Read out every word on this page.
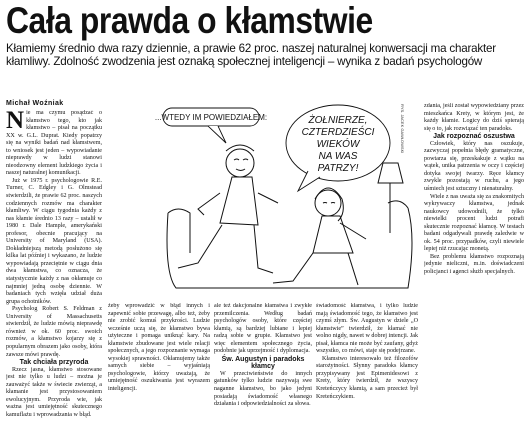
Cała prawda o kłamstwie
Kłamiemy średnio dwa razy dziennie, a prawie 62 proc. naszej naturalnej konwersacji ma charakter kłamliwy. Zdolność zwodzenia jest oznaką społecznej inteligencji – wynika z badań psychologów
Michał Woźniak

Nie ma czymu posądzać o kłamstwo tego, kto jak kłamstwo – pisał na początku XX w. G.L. Duprat. Kiedy popatrzy się na wyniki badań nad kłamstwem, to wniosek jest jeden – wypowiadanie nieprawdy w ludzi stanowi nieodzowny element ludzkiego życia i naszej naturalnej komunikacji.

Już w 1975 r. psychologowie R.E. Turner, C. Edgley i G. Olmstead stwierdzili, że prawie 62 proc. naszych codziennych rozmów ma charakter kłamliwy. W ciągu tygodnia każdy z nas kłamie średnio 13 razy – ustalił w 1980 r. Dale Hample, amerykański profesor, obecnie pracujący na University of Maryland (USA). Dokładniejszą metodą posłużono się kilka lat później i wykazano, że ludzie wypowiadają przeciętnie w ciągu dnia dwa kłamstwa, co oznacza, że statystycznie każdy z nas okłamuje co najmniej jedną osobę dziennie. W badaniach tych wzięła udział duża grupa ochotników.

Psycholog Robert S. Feldman z University of Massachusetts stwierdził, że ludzie mówią nieprawdę również w ok. 60 proc. swoich rozmów, a kłamstwo kojarzy się z popularnym obrazem jako osoby, która zawsze mówi prawdę.

Tak chciała przyroda

Rzecz jasna, kłamstwo stosowane jest nie tylko u ludzi – można je zauważyć także w świecie zwierząt, a kłamanie jest przystosowaniem ewolucyjnym. Przyroda wie, jak ważna jest umiejętność skutecznego kamuflażu i wprowadzania w błąd.

...WTEDY IM POWIEDZIAŁEM:	ŻOŁNIERZE,
CZTERDZIEŚCI
WIEKÓW
NA WAS
PATRZY!
RYS. JACEK GAWŁOWSKI

żeby wprowadzić w błąd innych i zapewnić sobie przewagę, albo też, żeby nie zrobić komuś przykrości. Ludzie wcześnie uczą się, że kłamstwo bywa użyteczne i pomaga uniknąć kary. Na kłamstwie zbudowane jest wiele relacji społecznych, a jego rozpoznanie wymaga wysokiej sprawności. Okłamujemy także samych siebie – wyjaśniają psychologowie, którzy uważają, że umiejętność oszukiwania jest wyrazem inteligencji.

ale też dakcjonalne kłamstwa i zwykłe przemilczenia. Według badań psychologów osoby, które częściej kłamią, są bardziej lubiane i lepiej radzą sobie w grupie. Kłamstwo jest więc elementem społecznego życia, podobnie jak uprzejmość i dyplomacja.

Św. Augustyn i paradoks kłamcy

W przeciwieństwie do innych gatunków tylko ludzie nazywają swe naganne kłamstwo, bo jako jedyni posiadają świadomość własnego działania i odpowiedzialności za słowa.

świadomość kłamstwa, i tylko ludzie mają świadomość tego, że kłamstwo jest czymś złym. Św. Augustyn w dziele „O kłamstwie” twierdził, że kłamać nie wolno nigdy, nawet w dobrej intencji. Jak pisał, kłamca nie może być zaufany, gdyż wszystko, co mówi, staje się podejrzane.

Kłamstwo interesowało też filozofów starożytności. Słynny paradoks kłamcy przypisywany jest Epimenidesowi z Krety, który twierdził, że wszyscy Kreteńczycy kłamią, a sam przecież był Kreteńczykiem.

zdania, jeśli został wypowiedziany przez mieszkańca Krety, w którym jest, że każdy kłamie. Logicy do dziś spierają się o to, jak rozwiązać ten paradoks.

Jak rozpoznać oszustwa

Człowiek, który nas oszukuje, zazwyczaj popełnia błędy gramatyczne, powtarza się, przeskakuje z wątku na wątek, unika patrzenia w oczy i częściej dotyka swojej twarzy. Ręce kłamcy zwykle pozostają w ruchu, a jego uśmiech jest sztuczny i nienaturalny.

Wiele z nas uważa się za znakomitych wykrywaczy kłamstwa, jednak naukowcy udowodnili, że tylko niewielki procent ludzi potrafi skutecznie rozpoznać kłamcę. W testach badani odgadywali prawdę zaledwie w ok. 54 proc. przypadków, czyli niewiele lepiej niż rzucając monetą.

Bez problemu kłamstwo rozpoznają jedynie nieliczni, m.in. doświadczeni policjanci i agenci służb specjalnych.
